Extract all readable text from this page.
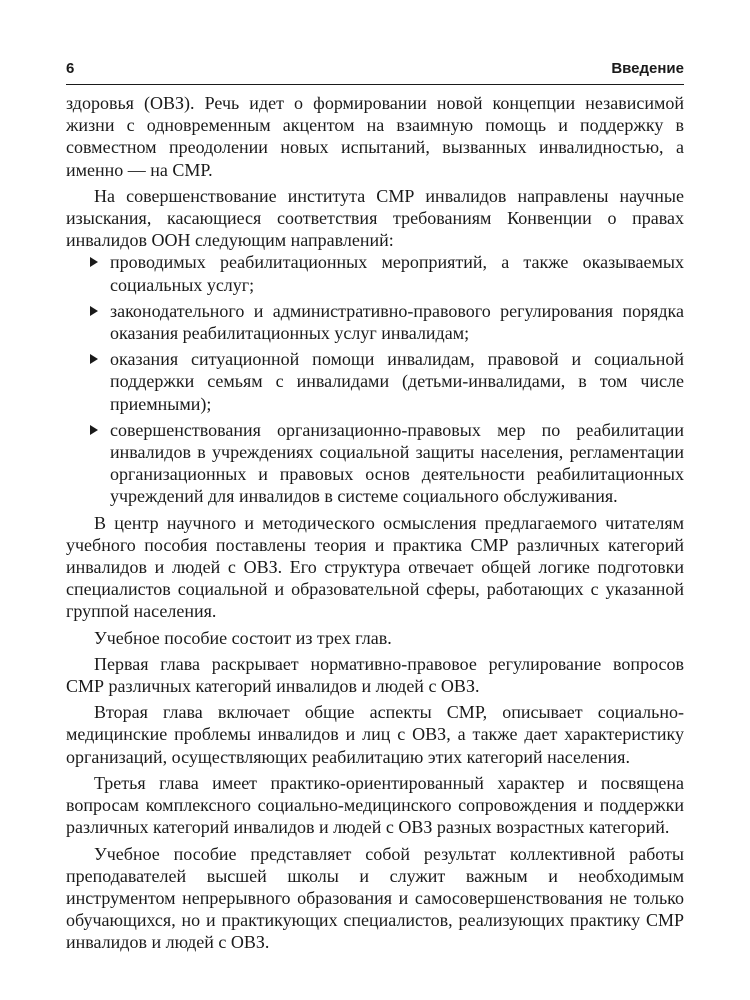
6	Введение

здоровья (ОВЗ). Речь идет о формировании новой концепции независимой жизни с одновременным акцентом на взаимную помощь и поддержку в совместном преодолении новых испытаний, вызванных инвалидностью, а именно — на СМР.

На совершенствование института СМР инвалидов направлены научные изыскания, касающиеся соответствия требованиям Конвенции о правах инвалидов ООН следующим направлений:

проводимых реабилитационных мероприятий, а также оказываемых социальных услуг;
законодательного и административно-правового регулирования порядка оказания реабилитационных услуг инвалидам;
оказания ситуационной помощи инвалидам, правовой и социальной поддержки семьям с инвалидами (детьми-инвалидами, в том числе приемными);
совершенствования организационно-правовых мер по реабилитации инвалидов в учреждениях социальной защиты населения, регламентации организационных и правовых основ деятельности реабилитационных учреждений для инвалидов в системе социального обслуживания.

В центр научного и методического осмысления предлагаемого читателям учебного пособия поставлены теория и практика СМР различных категорий инвалидов и людей с ОВЗ. Его структура отвечает общей логике подготовки специалистов социальной и образовательной сферы, работающих с указанной группой населения.

Учебное пособие состоит из трех глав.

Первая глава раскрывает нормативно-правовое регулирование вопросов СМР различных категорий инвалидов и людей с ОВЗ.

Вторая глава включает общие аспекты СМР, описывает социально-медицинские проблемы инвалидов и лиц с ОВЗ, а также дает характеристику организаций, осуществляющих реабилитацию этих категорий населения.

Третья глава имеет практико-ориентированный характер и посвящена вопросам комплексного социально-медицинского сопровождения и поддержки различных категорий инвалидов и людей с ОВЗ разных возрастных категорий.

Учебное пособие представляет собой результат коллективной работы преподавателей высшей школы и служит важным и необходимым инструментом непрерывного образования и самосовершенствования не только обучающихся, но и практикующих специалистов, реализующих практику СМР инвалидов и людей с ОВЗ.
